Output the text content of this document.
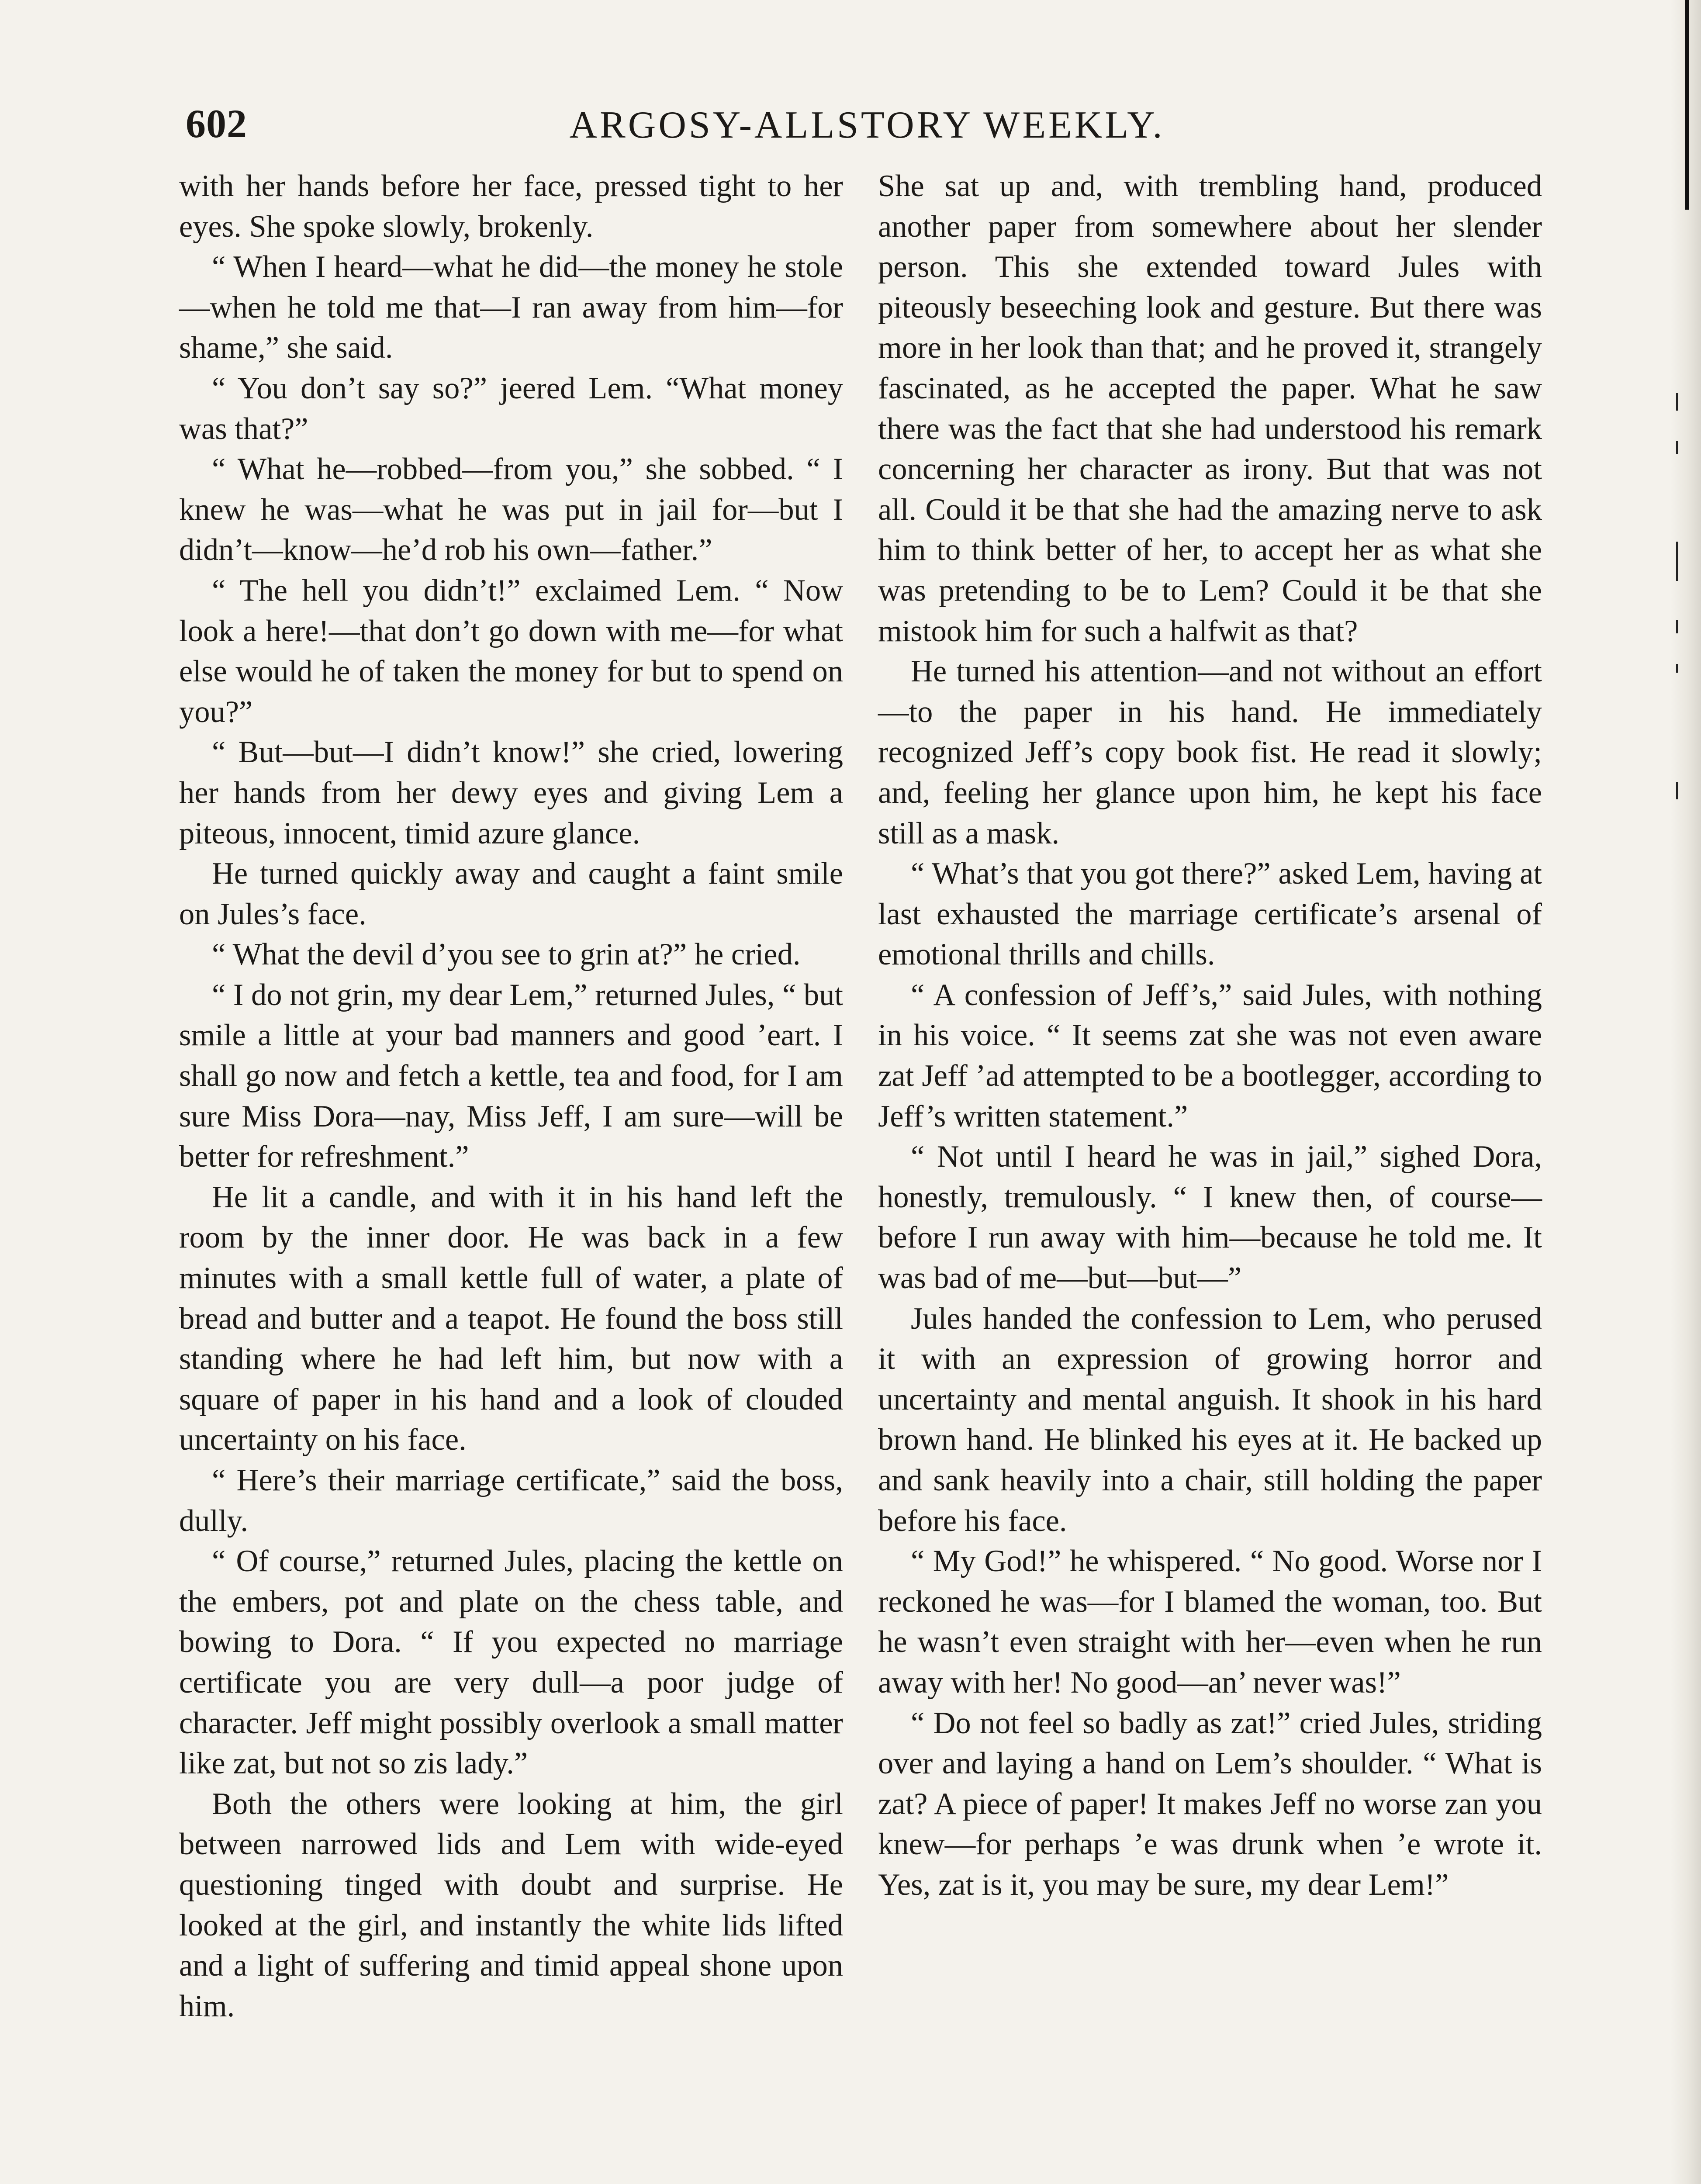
602	ARGOSY-ALLSTORY WEEKLY.

with her hands before her face, pressed tight to her eyes. She spoke slowly, brokenly.

“ When I heard—what he did—the money he stole—when he told me that—I ran away from him—for shame,” she said.

“ You don’t say so?” jeered Lem. “What money was that?”

“ What he—robbed—from you,” she sobbed. “ I knew he was—what he was put in jail for—but I didn’t—know—he’d rob his own—father.”

“ The hell you didn’t!” exclaimed Lem. “ Now look a here!—that don’t go down with me—for what else would he of taken the money for but to spend on you?”

“ But—but—I didn’t know!” she cried, lowering her hands from her dewy eyes and giving Lem a piteous, innocent, timid azure glance.

He turned quickly away and caught a faint smile on Jules’s face.

“ What the devil d’you see to grin at?” he cried.

“ I do not grin, my dear Lem,” returned Jules, “ but smile a little at your bad manners and good ’eart. I shall go now and fetch a kettle, tea and food, for I am sure Miss Dora—nay, Miss Jeff, I am sure—will be better for refreshment.”

He lit a candle, and with it in his hand left the room by the inner door. He was back in a few minutes with a small kettle full of water, a plate of bread and butter and a teapot. He found the boss still standing where he had left him, but now with a square of paper in his hand and a look of clouded uncertainty on his face.

“ Here’s their marriage certificate,” said the boss, dully.

“ Of course,” returned Jules, placing the kettle on the embers, pot and plate on the chess table, and bowing to Dora. “ If you expected no marriage certificate you are very dull—a poor judge of character. Jeff might possibly overlook a small matter like zat, but not so zis lady.”

Both the others were looking at him, the girl between narrowed lids and Lem with wide-eyed questioning tinged with doubt and surprise. He looked at the girl, and instantly the white lids lifted and a light of suffering and timid appeal shone upon him.

She sat up and, with trembling hand, produced another paper from somewhere about her slender person. This she extended toward Jules with piteously beseeching look and gesture. But there was more in her look than that; and he proved it, strangely fascinated, as he accepted the paper. What he saw there was the fact that she had understood his remark concerning her character as irony. But that was not all. Could it be that she had the amazing nerve to ask him to think better of her, to accept her as what she was pretending to be to Lem? Could it be that she mistook him for such a halfwit as that?

He turned his attention—and not without an effort—to the paper in his hand. He immediately recognized Jeff’s copy book fist. He read it slowly; and, feeling her glance upon him, he kept his face still as a mask.

“ What’s that you got there?” asked Lem, having at last exhausted the marriage certificate’s arsenal of emotional thrills and chills.

“ A confession of Jeff’s,” said Jules, with nothing in his voice. “ It seems zat she was not even aware zat Jeff ’ad attempted to be a bootlegger, according to Jeff’s written statement.”

“ Not until I heard he was in jail,” sighed Dora, honestly, tremulously. “ I knew then, of course—before I run away with him—because he told me. It was bad of me—but—but—”

Jules handed the confession to Lem, who perused it with an expression of growing horror and uncertainty and mental anguish. It shook in his hard brown hand. He blinked his eyes at it. He backed up and sank heavily into a chair, still holding the paper before his face.

“ My God!” he whispered. “ No good. Worse nor I reckoned he was—for I blamed the woman, too. But he wasn’t even straight with her—even when he run away with her! No good—an’ never was!”

“ Do not feel so badly as zat!” cried Jules, striding over and laying a hand on Lem’s shoulder. “ What is zat? A piece of paper! It makes Jeff no worse zan you knew—for perhaps ’e was drunk when ’e wrote it. Yes, zat is it, you may be sure, my dear Lem!”
